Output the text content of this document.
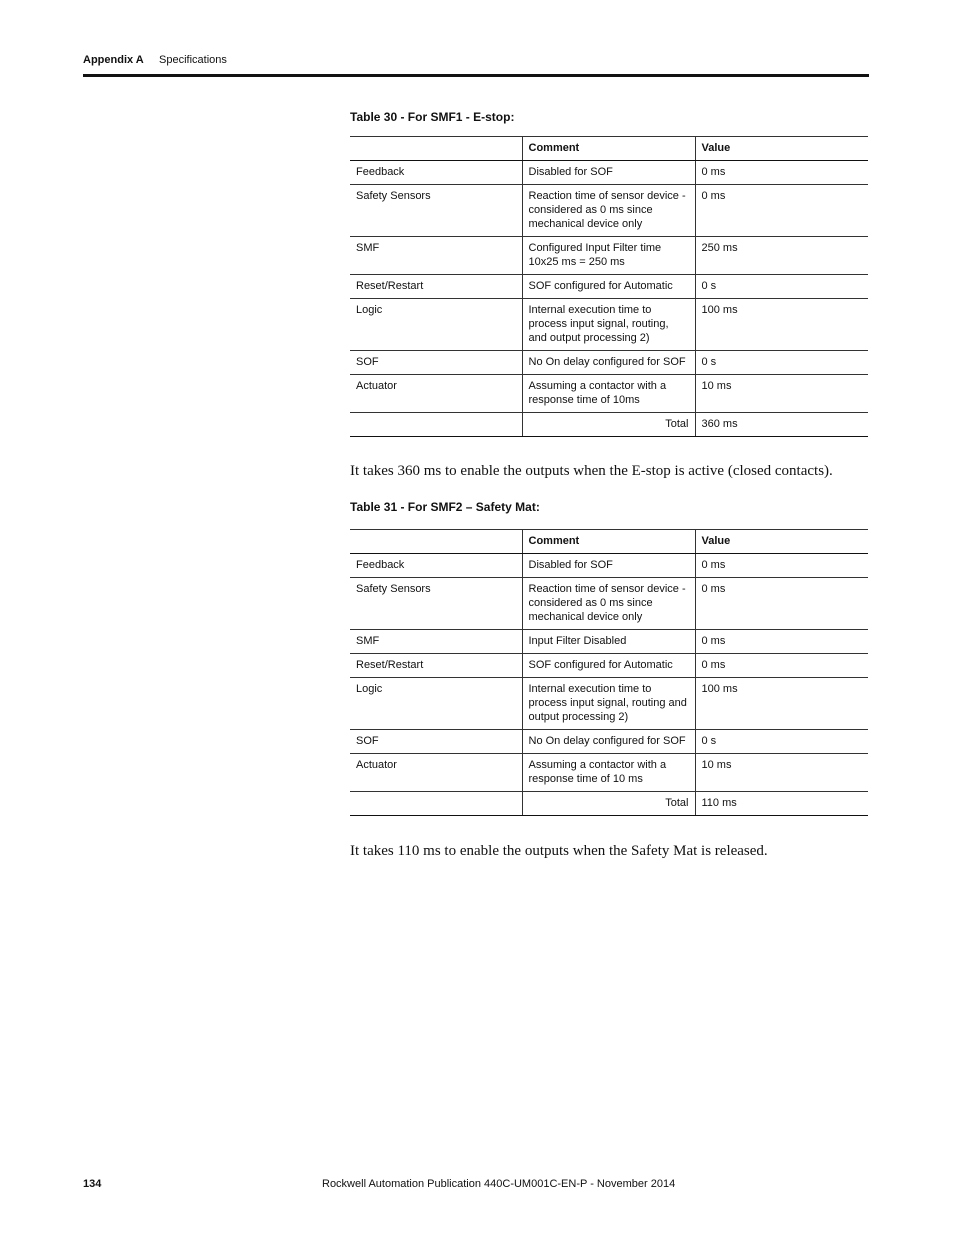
Appendix A Specifications
Table 30 - For SMF1 - E-stop:
	Comment	Value
Feedback	Disabled for SOF	0 ms
Safety Sensors	Reaction time of sensor device - considered as 0 ms since mechanical device only	0 ms
SMF	Configured Input Filter time 10x25 ms = 250 ms	250 ms
Reset/Restart	SOF configured for Automatic	0 s
Logic	Internal execution time to process input signal, routing, and output processing 2)	100 ms
SOF	No On delay configured for SOF	0 s
Actuator	Assuming a contactor with a response time of 10ms	10 ms
	Total	360 ms
It takes 360 ms to enable the outputs when the E-stop is active (closed contacts).
Table 31 - For SMF2 – Safety Mat:
	Comment	Value
Feedback	Disabled for SOF	0 ms
Safety Sensors	Reaction time of sensor device - considered as 0 ms since mechanical device only	0 ms
SMF	Input Filter Disabled	0 ms
Reset/Restart	SOF configured for Automatic	0 ms
Logic	Internal execution time to process input signal, routing and output processing 2)	100 ms
SOF	No On delay configured for SOF	0 s
Actuator	Assuming a contactor with a response time of 10 ms	10 ms
	Total	110 ms
It takes 110 ms to enable the outputs when the Safety Mat is released.
134	Rockwell Automation Publication 440C-UM001C-EN-P - November 2014
